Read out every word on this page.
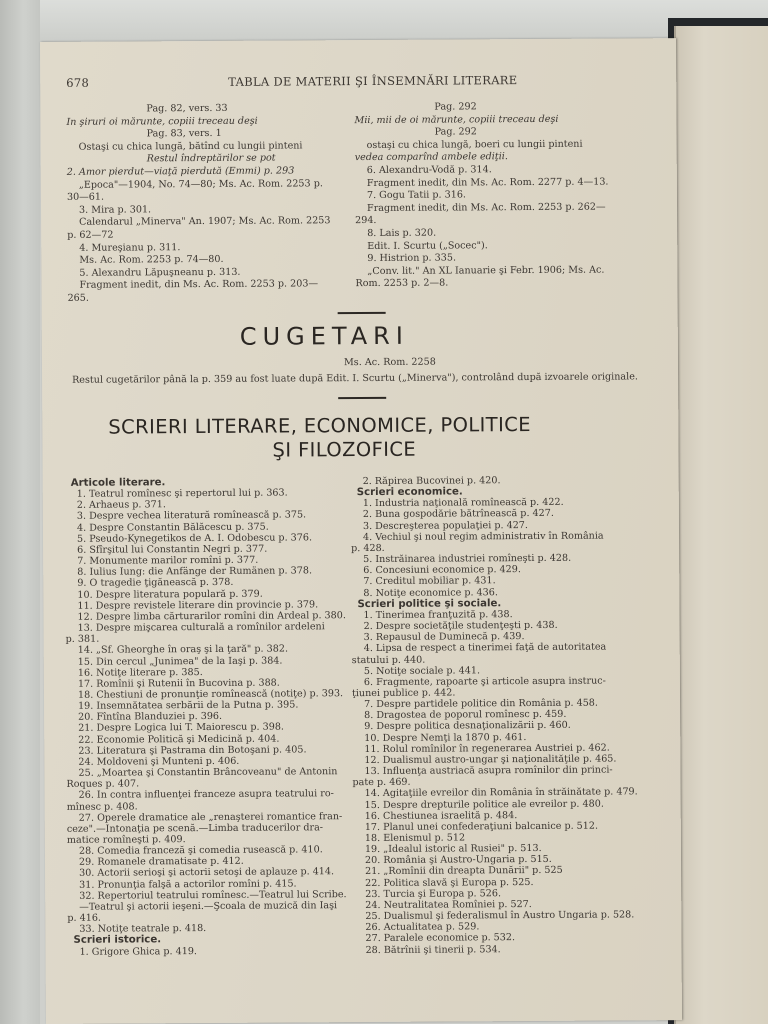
678	TABLA DE MATERII ŞI ÎNSEMNĂRI LITERARE
Pag. 82, vers. 33
In şiruri oi mărunte, copiii treceau deşi
Pag. 83, vers. 1
Ostaşi cu chica lungă, bătînd cu lungii pinteni
Restul îndreptărilor se pot
2. Amor pierdut—viaţă pierdută (Emmi) p. 293
„Epoca"—1904, No. 74—80; Ms. Ac. Rom. 2253 p.
30—61.
3. Mira p. 301.
Calendarul „Minerva" An. 1907; Ms. Ac. Rom. 2253
p. 62—72
4. Mureşianu p. 311.
Ms. Ac. Rom. 2253 p. 74—80.
5. Alexandru Lăpuşneanu p. 313.
Fragment inedit, din Ms. Ac. Rom. 2253 p. 203—
265.
Pag. 292
Mii, mii de oi mărunte, copiii treceau deşi
Pag. 292
ostaşi cu chica lungă, boeri cu lungii pinteni
vedea comparînd ambele ediţii.
6. Alexandru-Vodă p. 314.
Fragment inedit, din Ms. Ac. Rom. 2277 p. 4—13.
7. Gogu Tatii p. 316.
Fragment inedit, din Ms. Ac. Rom. 2253 p. 262—
294.
8. Lais p. 320.
Edit. I. Scurtu („Socec").
9. Histrion p. 335.
„Conv. lit." An XL Ianuarie şi Febr. 1906; Ms. Ac.
Rom. 2253 p. 2—8.
CUGETARI
Ms. Ac. Rom. 2258
Restul cugetărilor până la p. 359 au fost luate după Edit. I. Scurtu („Minerva"), controlând după izvoarele originale.
SCRIERI LITERARE, ECONOMICE, POLITICE
ŞI FILOZOFICE
Articole literare.
1. Teatrul romînesc şi repertorul lui p. 363.
2. Arhaeus p. 371.
3. Despre vechea literatură romînească p. 375.
4. Despre Constantin Bălăcescu p. 375.
5. Pseudo-Kynegetikos de A. I. Odobescu p. 376.
6. Sfîrşitul lui Constantin Negri p. 377.
7. Monumente marilor romîni p. 377.
8. Iulius Iung: die Anfänge der Rumänen p. 378.
9. O tragedie ţigănească p. 378.
10. Despre literatura populară p. 379.
11. Despre revistele literare din provincie p. 379.
12. Despre limba cărturarilor romîni din Ardeal p. 380.
13. Despre mişcarea culturală a romînilor ardeleni
p. 381.
14. „Sf. Gheorghe în oraş şi la ţară" p. 382.
15. Din cercul „Junimea" de la Iaşi p. 384.
16. Notiţe literare p. 385.
17. Romînii şi Rutenii în Bucovina p. 388.
18. Chestiuni de pronunţie romînească (notiţe) p. 393.
19. Insemnătatea serbării de la Putna p. 395.
20. Fîntîna Blanduziei p. 396.
21. Despre Logica lui T. Maiorescu p. 398.
22. Economie Politică şi Medicină p. 404.
23. Literatura şi Pastrama din Botoşani p. 405.
24. Moldoveni şi Munteni p. 406.
25. „Moartea şi Constantin Brâncoveanu" de Antonin
Roques p. 407.
26. In contra influenţei franceze asupra teatrului ro-
mînesc p. 408.
27. Operele dramatice ale „renaşterei romantice fran-
ceze".—Intonaţia pe scenă.—Limba traducerilor dra-
matice romîneşti p. 409.
28. Comedia franceză şi comedia rusească p. 410.
29. Romanele dramatisate p. 412.
30. Actorii serioşi şi actorii setoşi de aplauze p. 414.
31. Pronunţia falşă a actorilor romîni p. 415.
32. Repertoriul teatrului romînesc.—Teatrul lui Scribe.
—Teatrul şi actorii ieşeni.—Şcoala de muzică din Iaşi
p. 416.
33. Notiţe teatrale p. 418.
Scrieri istorice.
1. Grigore Ghica p. 419.
2. Răpirea Bucovinei p. 420.
Scrieri economice.
1. Industria naţională romînească p. 422.
2. Buna gospodărie bătrînească p. 427.
3. Descreşterea populaţiei p. 427.
4. Vechiul şi noul regim administrativ în România
p. 428.
5. Instrăinarea industriei romîneşti p. 428.
6. Concesiuni economice p. 429.
7. Creditul mobiliar p. 431.
8. Notiţe economice p. 436.
Scrieri politice şi sociale.
1. Tinerimea franţuzită p. 438.
2. Despre societăţile studenţeşti p. 438.
3. Repausul de Duminecă p. 439.
4. Lipsa de respect a tinerimei faţă de autoritatea
statului p. 440.
5. Notiţe sociale p. 441.
6. Fragmente, rapoarte şi articole asupra instruc-
ţiunei publice p. 442.
7. Despre partidele politice din România p. 458.
8. Dragostea de poporul romînesc p. 459.
9. Despre politica desnaţionalizării p. 460.
10. Despre Nemţi la 1870 p. 461.
11. Rolul romînilor în regenerarea Austriei p. 462.
12. Dualismul austro-ungar şi naţionalităţile p. 465.
13. Influenţa austriacă asupra romînilor din princi-
pate p. 469.
14. Agitaţiile evreilor din România în străinătate p. 479.
15. Despre drepturile politice ale evreilor p. 480.
16. Chestiunea israelită p. 484.
17. Planul unei confederaţiuni balcanice p. 512.
18. Elenismul p. 512
19. „Idealul istoric al Rusiei" p. 513.
20. România şi Austro-Ungaria p. 515.
21. „Romînii din dreapta Dunării" p. 525
22. Politica slavă şi Europa p. 525.
23. Turcia şi Europa p. 526.
24. Neutralitatea Romîniei p. 527.
25. Dualismul şi federalismul în Austro Ungaria p. 528.
26. Actualitatea p. 529.
27. Paralele economice p. 532.
28. Bătrînii şi tinerii p. 534.
